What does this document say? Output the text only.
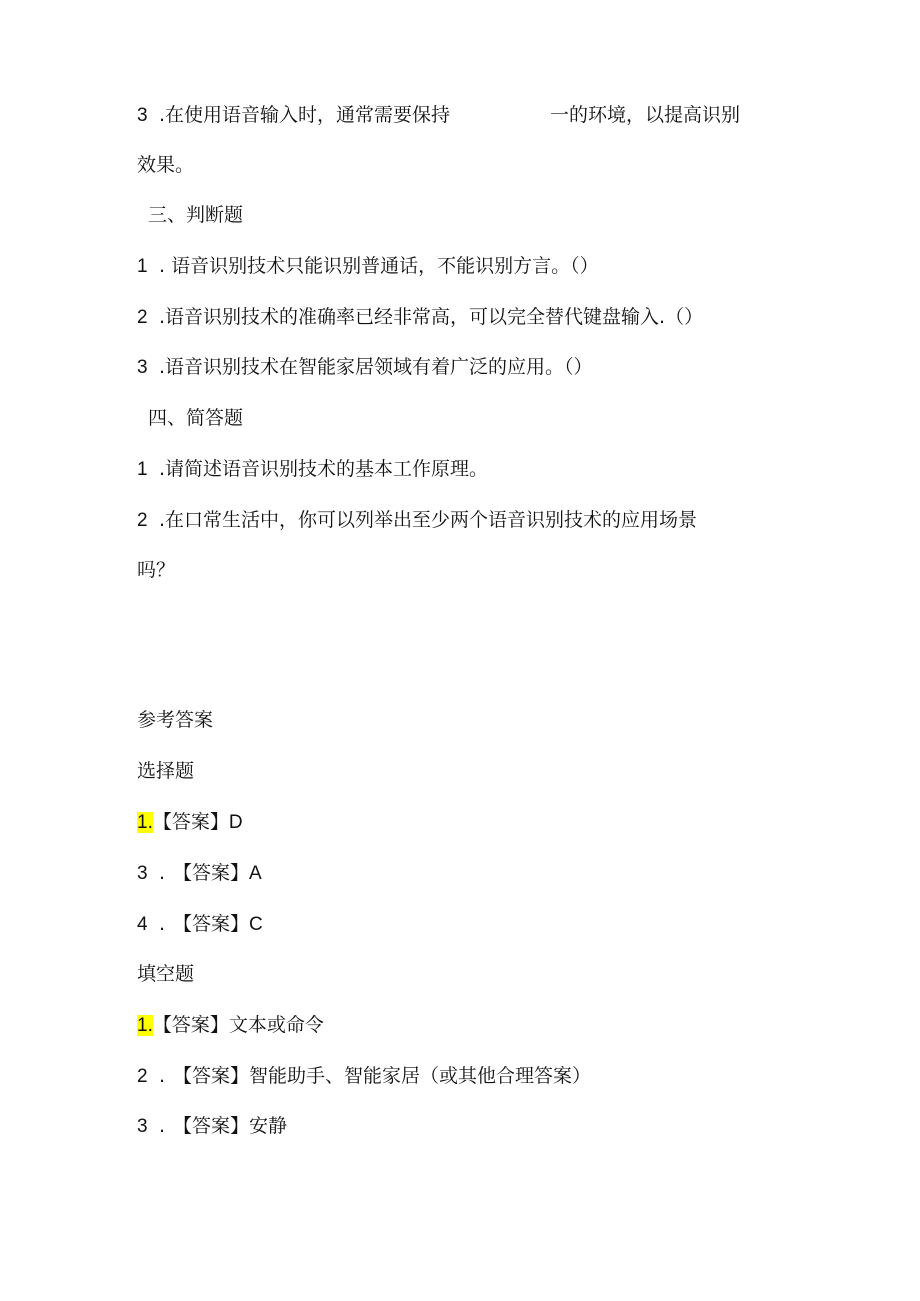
3 .在使用语音输入时，通常需要保持	一的环境，以提高识别
效果。
三、判断题
1 . 语音识别技术只能识别普通话，不能识别方言。（）
2 .语音识别技术的准确率已经非常高，可以完全替代键盘输入.（）
3 .语音识别技术在智能家居领域有着广泛的应用。（）
四、简答题
1 .请简述语音识别技术的基本工作原理。
2 .在口常生活中，你可以列举出至少两个语音识别技术的应用场景
吗？
参考答案
选择题
1.【答案】D
3 . 【答案】A
4 . 【答案】C
填空题
1.【答案】文本或命令
2 . 【答案】智能助手、智能家居（或其他合理答案）
3 . 【答案】安静
